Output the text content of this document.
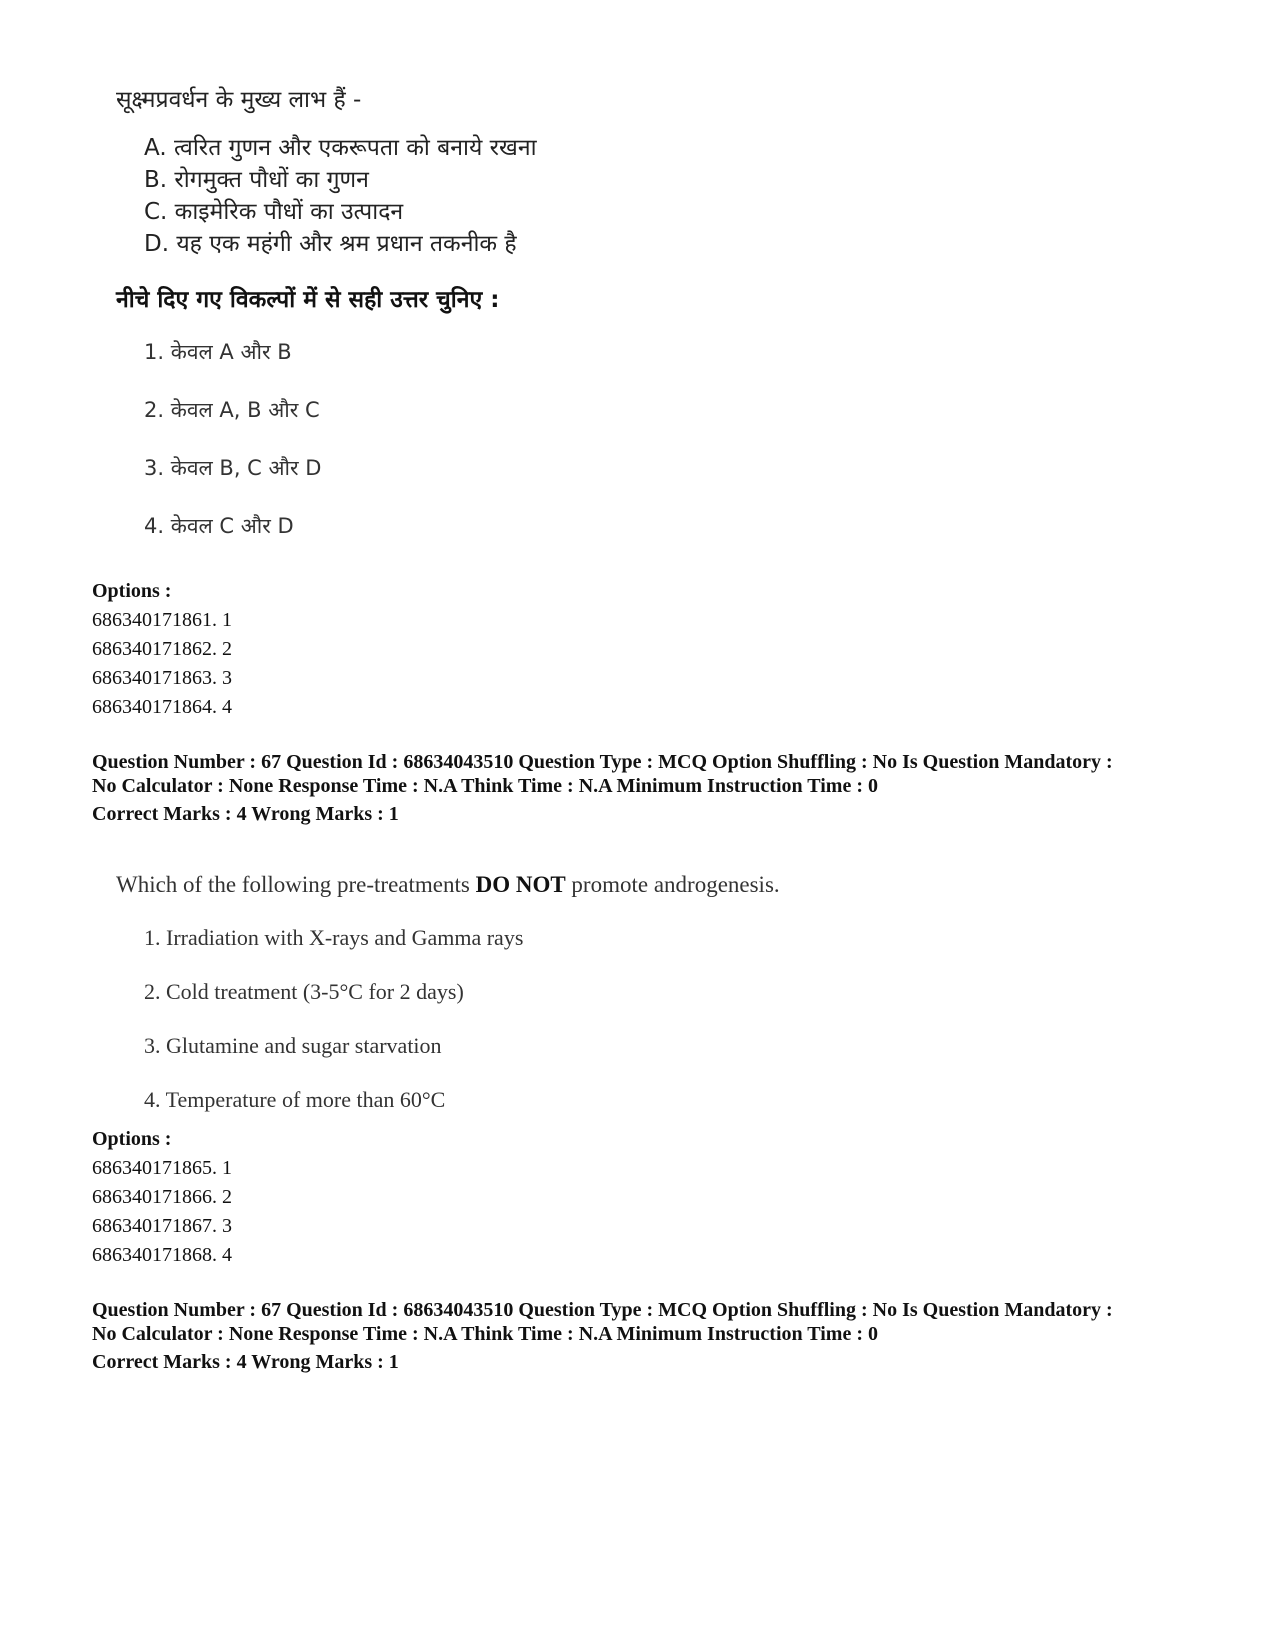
सूक्ष्मप्रवर्धन के मुख्य लाभ हैं -

A. त्वरित गुणन और एकरूपता को बनाये रखना
B. रोगमुक्त पौधों का गुणन
C. काइमेरिक पौधों का उत्पादन
D. यह एक महंगी और श्रम प्रधान तकनीक है

नीचे दिए गए विकल्पों में से सही उत्तर चुनिए :

1. केवल A और B
2. केवल A, B और C
3. केवल B, C और D
4. केवल C और D
Options :
686340171861. 1
686340171862. 2
686340171863. 3
686340171864. 4
Question Number : 67 Question Id : 68634043510 Question Type : MCQ Option Shuffling : No Is Question Mandatory :
No Calculator : None Response Time : N.A Think Time : N.A Minimum Instruction Time : 0
Correct Marks : 4 Wrong Marks : 1

Which of the following pre-treatments DO NOT promote androgenesis.

1. Irradiation with X-rays and Gamma rays
2. Cold treatment (3-5°C for 2 days)
3. Glutamine and sugar starvation
4. Temperature of more than 60°C
Options :
686340171865. 1
686340171866. 2
686340171867. 3
686340171868. 4
Question Number : 67 Question Id : 68634043510 Question Type : MCQ Option Shuffling : No Is Question Mandatory :
No Calculator : None Response Time : N.A Think Time : N.A Minimum Instruction Time : 0
Correct Marks : 4 Wrong Marks : 1
